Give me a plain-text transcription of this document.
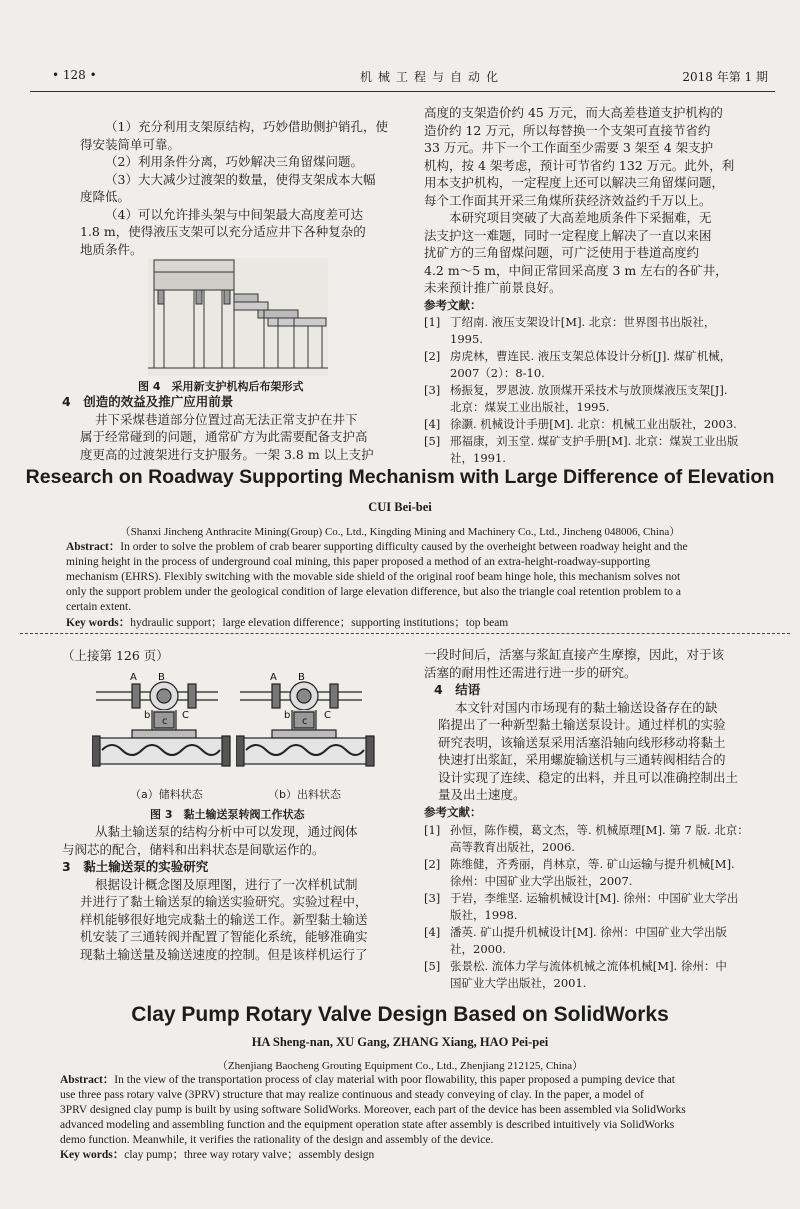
• 128 •	机械工程与自动化	2018 年第 1 期

（1）充分利用支架原结构，巧妙借助侧护销孔，使

得安装简单可靠。

（2）利用条件分离，巧妙解决三角留煤问题。

（3）大大减少过渡架的数量，使得支架成本大幅

度降低。

（4）可以允许排头架与中间架最大高度差可达

1.8 m，使得液压支架可以充分适应井下各种复杂的

地质条件。

图 4　采用新支护机构后布架形式

4　创造的效益及推广应用前景

井下采煤巷道部分位置过高无法正常支护在井下

属于经常碰到的问题，通常矿方为此需要配备支护高

度更高的过渡架进行支护服务。一架 3.8 m 以上支护

高度的支架造价约 45 万元，而大高差巷道支护机构的

造价约 12 万元，所以每替换一个支架可直接节省约

33 万元。井下一个工作面至少需要 3 架至 4 架支护

机构，按 4 架考虑，预计可节省约 132 万元。此外，利

用本支护机构，一定程度上还可以解决三角留煤问题，

每个工作面其开采三角煤所获经济效益约千万以上。

本研究项目突破了大高差地质条件下采掘难，无

法支护这一难题，同时一定程度上解决了一直以来困

扰矿方的三角留煤问题，可广泛使用于巷道高度约

4.2 m～5 m，中间正常回采高度 3 m 左右的各矿井，

未来预计推广前景良好。

参考文献：

[1] 丁绍南. 液压支架设计[M]. 北京：世界图书出版社，

1995.

[2] 房虎林，曹连民. 液压支架总体设计分析[J]. 煤矿机械，

2007（2）：8-10.

[3] 杨振复，罗恩波. 放顶煤开采技术与放顶煤液压支架[J].

北京：煤炭工业出版社，1995.

[4] 徐灏. 机械设计手册[M]. 北京：机械工业出版社，2003.

[5] 邢福康，刘玉堂. 煤矿支护手册[M]. 北京：煤炭工业出版

社，1991.

Research on Roadway Supporting Mechanism with Large Difference of Elevation
CUI Bei-bei
（Shanxi Jincheng Anthracite Mining(Group) Co., Ltd., Kingding Mining and Machinery Co., Ltd., Jincheng 048006, China）
Abstract：In order to solve the problem of crab bearer supporting difficulty caused by the overheight between roadway height and the
mining height in the process of underground coal mining, this paper proposed a method of an extra-height-roadway-supporting
mechanism (EHRS). Flexibly switching with the movable side shield of the original roof beam hinge hole, this mechanism solves not
only the support problem under the geological condition of large elevation difference, but also the triangle coal retention problem to a
certain extent.
Key words：hydraulic support；large elevation difference；supporting institutions；top beam

（上接第 126 页）

A B
C
b
c
A B
C
b
c
（a）储料状态	（b）出料状态
图 3　黏土输送泵转阀工作状态

从黏土输送泵的结构分析中可以发现，通过阀体

与阀芯的配合，储料和出料状态是间歇运作的。

3　黏土输送泵的实验研究

根据设计概念图及原理图，进行了一次样机试制

并进行了黏土输送泵的输送实验研究。实验过程中，

样机能够很好地完成黏土的输送工作。新型黏土输送

机安装了三通转阀并配置了智能化系统，能够准确实

现黏土输送量及输送速度的控制。但是该样机运行了

一段时间后，活塞与浆缸直接产生摩擦，因此，对于该

活塞的耐用性还需进行进一步的研究。

4　结语

本文针对国内市场现有的黏土输送设备存在的缺

陷提出了一种新型黏土输送泵设计。通过样机的实验

研究表明，该输送泵采用活塞沿轴向线形移动将黏土

快速打出浆缸，采用螺旋输送机与三通转阀相结合的

设计实现了连续、稳定的出料，并且可以准确控制出土

量及出土速度。

参考文献：

[1] 孙恒，陈作模，葛文杰，等. 机械原理[M]. 第 7 版. 北京：

高等教育出版社，2006.

[2] 陈维健，齐秀丽，肖林京，等. 矿山运输与提升机械[M].

徐州：中国矿业大学出版社，2007.

[3] 于岩，李维坚. 运输机械设计[M]. 徐州：中国矿业大学出

版社，1998.

[4] 潘英. 矿山提升机械设计[M]. 徐州：中国矿业大学出版

社，2000.

[5] 张景松. 流体力学与流体机械之流体机械[M]. 徐州：中

国矿业大学出版社，2001.

Clay Pump Rotary Valve Design Based on SolidWorks
HA Sheng-nan, XU Gang, ZHANG Xiang, HAO Pei-pei
（Zhenjiang Baocheng Grouting Equipment Co., Ltd., Zhenjiang 212125, China）
Abstract：In the view of the transportation process of clay material with poor flowability, this paper proposed a pumping device that
use three pass rotary valve (3PRV) structure that may realize continuous and steady conveying of clay. In the paper, a model of
3PRV designed clay pump is built by using software SolidWorks. Moreover, each part of the device has been assembled via SolidWorks
advanced modeling and assembling function and the equipment operation state after assembly is described intuitively via SolidWorks
demo function. Meanwhile, it verifies the rationality of the design and assembly of the device.
Key words：clay pump；three way rotary valve；assembly design
